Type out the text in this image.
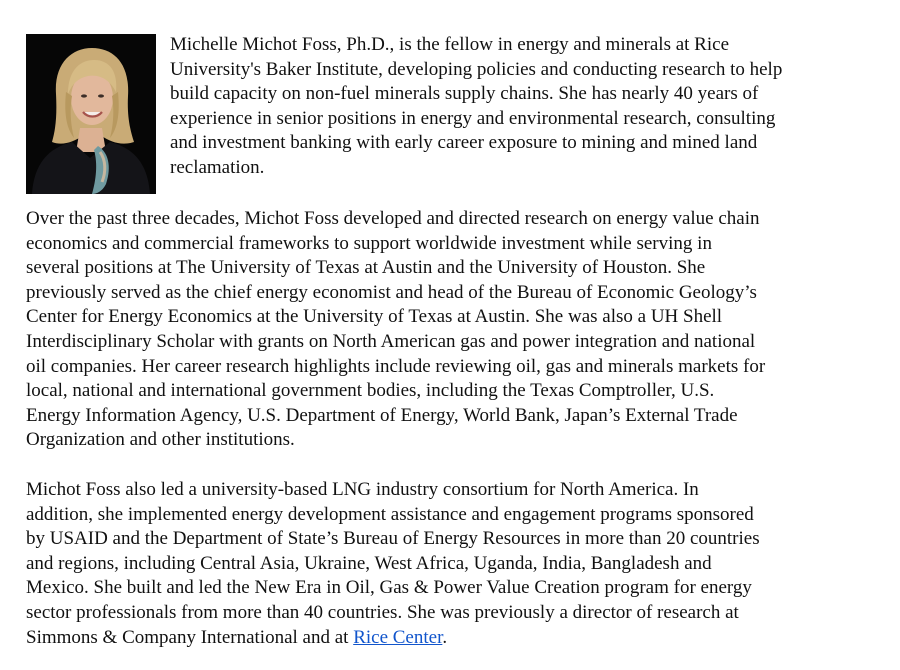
Michelle Michot Foss, Ph.D., is the fellow in energy and minerals at Rice
University's Baker Institute, developing policies and conducting research to help
build capacity on non-fuel minerals supply chains. She has nearly 40 years of
experience in senior positions in energy and environmental research, consulting
and investment banking with early career exposure to mining and mined land
reclamation.

Over the past three decades, Michot Foss developed and directed research on energy value chain
economics and commercial frameworks to support worldwide investment while serving in
several positions at The University of Texas at Austin and the University of Houston. She
previously served as the chief energy economist and head of the Bureau of Economic Geology’s
Center for Energy Economics at the University of Texas at Austin. She was also a UH Shell
Interdisciplinary Scholar with grants on North American gas and power integration and national
oil companies. Her career research highlights include reviewing oil, gas and minerals markets for
local, national and international government bodies, including the Texas Comptroller, U.S.
Energy Information Agency, U.S. Department of Energy, World Bank, Japan’s External Trade
Organization and other institutions.

Michot Foss also led a university-based LNG industry consortium for North America. In
addition, she implemented energy development assistance and engagement programs sponsored
by USAID and the Department of State’s Bureau of Energy Resources in more than 20 countries
and regions, including Central Asia, Ukraine, West Africa, Uganda, India, Bangladesh and
Mexico. She built and led the New Era in Oil, Gas & Power Value Creation program for energy
sector professionals from more than 40 countries. She was previously a director of research at
Simmons & Company International and at Rice Center.
